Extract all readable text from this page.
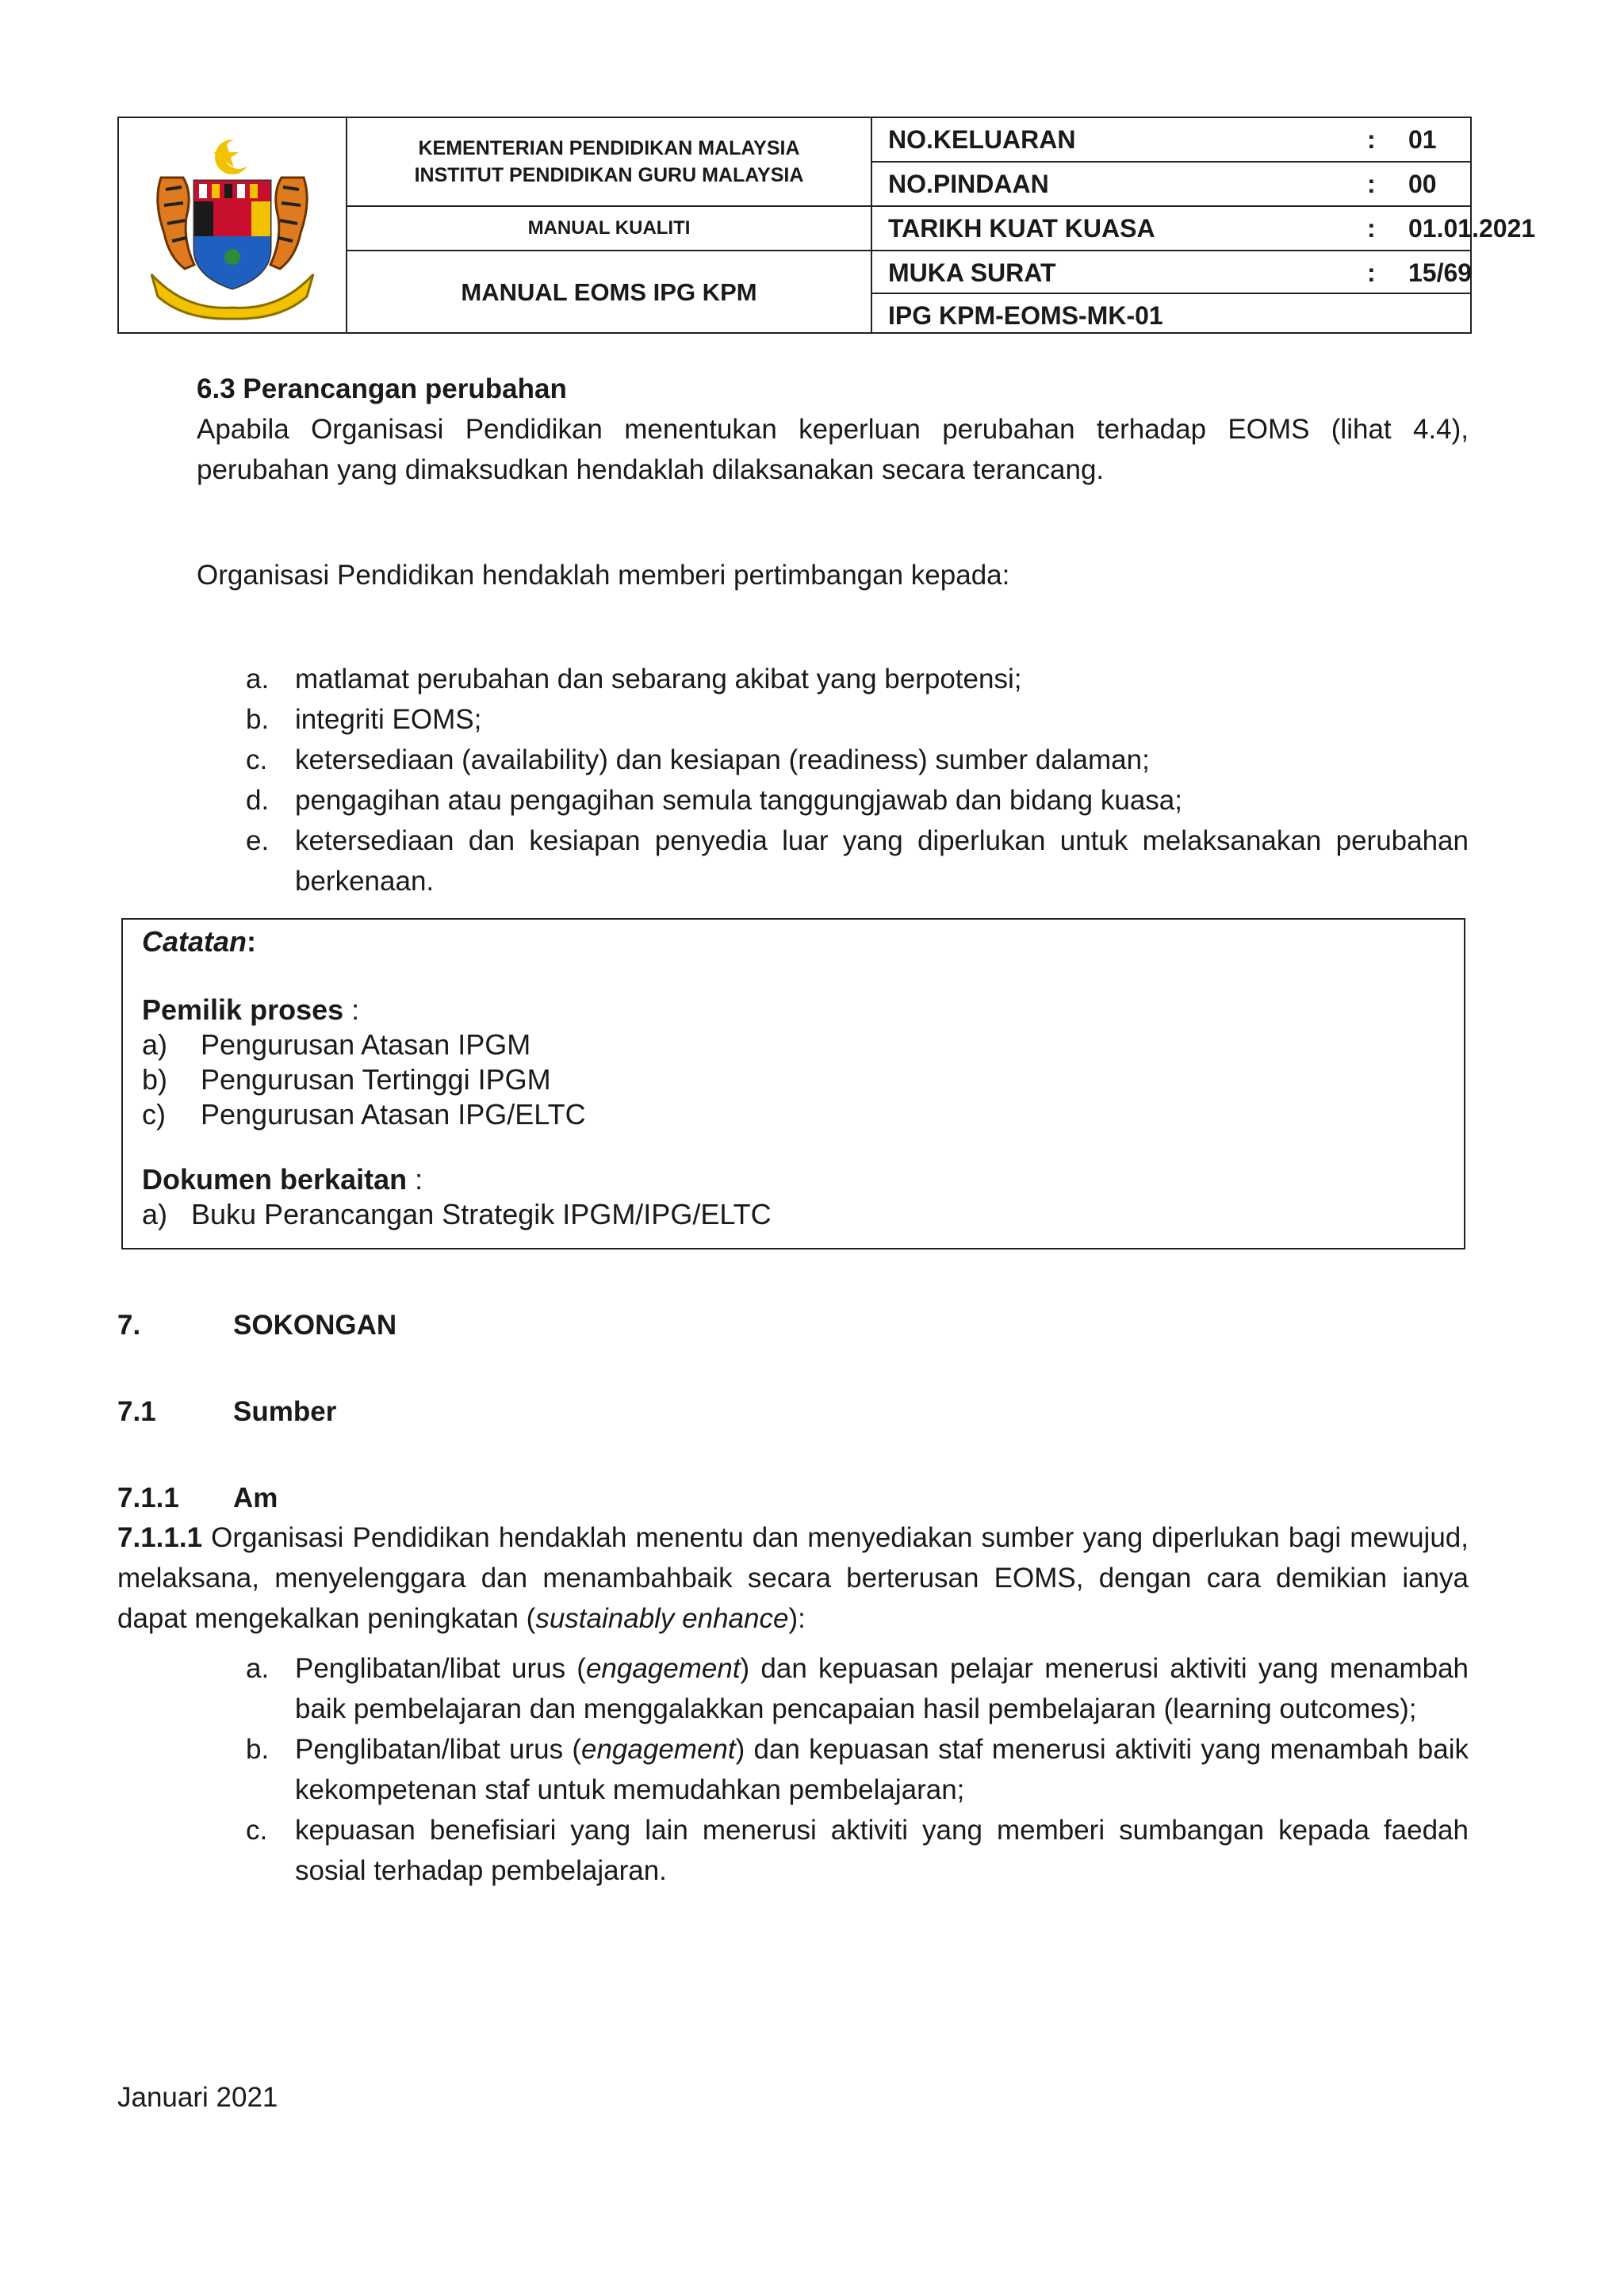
KEMENTERIAN PENDIDIKAN MALAYSIA
INSTITUT PENDIDIKAN GURU MALAYSIA
MANUAL KUALITI
MANUAL EOMS IPG KPM
NO.KELUARAN	: 01
NO.PINDAAN	: 00
TARIKH KUAT KUASA	: 01.01.2021
MUKA SURAT	: 15/69
IPG KPM-EOMS-MK-01
6.3 Perancangan perubahan
Apabila Organisasi Pendidikan menentukan keperluan perubahan terhadap EOMS (lihat 4.4), perubahan yang dimaksudkan hendaklah dilaksanakan secara terancang.
Organisasi Pendidikan hendaklah memberi pertimbangan kepada:
a. matlamat perubahan dan sebarang akibat yang berpotensi;
b. integriti EOMS;
c. ketersediaan (availability) dan kesiapan (readiness) sumber dalaman;
d. pengagihan atau pengagihan semula tanggungjawab dan bidang kuasa;
e. ketersediaan dan kesiapan penyedia luar yang diperlukan untuk melaksanakan perubahan berkenaan.
Catatan:
Pemilik proses :
a) Pengurusan Atasan IPGM
b) Pengurusan Tertinggi IPGM
c) Pengurusan Atasan IPG/ELTC
Dokumen berkaitan :
a) Buku Perancangan Strategik IPGM/IPG/ELTC
7.	SOKONGAN
7.1	Sumber
7.1.1 Am
7.1.1.1 Organisasi Pendidikan hendaklah menentu dan menyediakan sumber yang diperlukan bagi mewujud, melaksana, menyelenggara dan menambahbaik secara berterusan EOMS, dengan cara demikian ianya dapat mengekalkan peningkatan (sustainably enhance):
a. Penglibatan/libat urus (engagement) dan kepuasan pelajar menerusi aktiviti yang menambah baik pembelajaran dan menggalakkan pencapaian hasil pembelajaran (learning outcomes);
b. Penglibatan/libat urus (engagement) dan kepuasan staf menerusi aktiviti yang menambah baik kekompetenan staf untuk memudahkan pembelajaran;
c. kepuasan benefisiari yang lain menerusi aktiviti yang memberi sumbangan kepada faedah sosial terhadap pembelajaran.
Januari 2021
